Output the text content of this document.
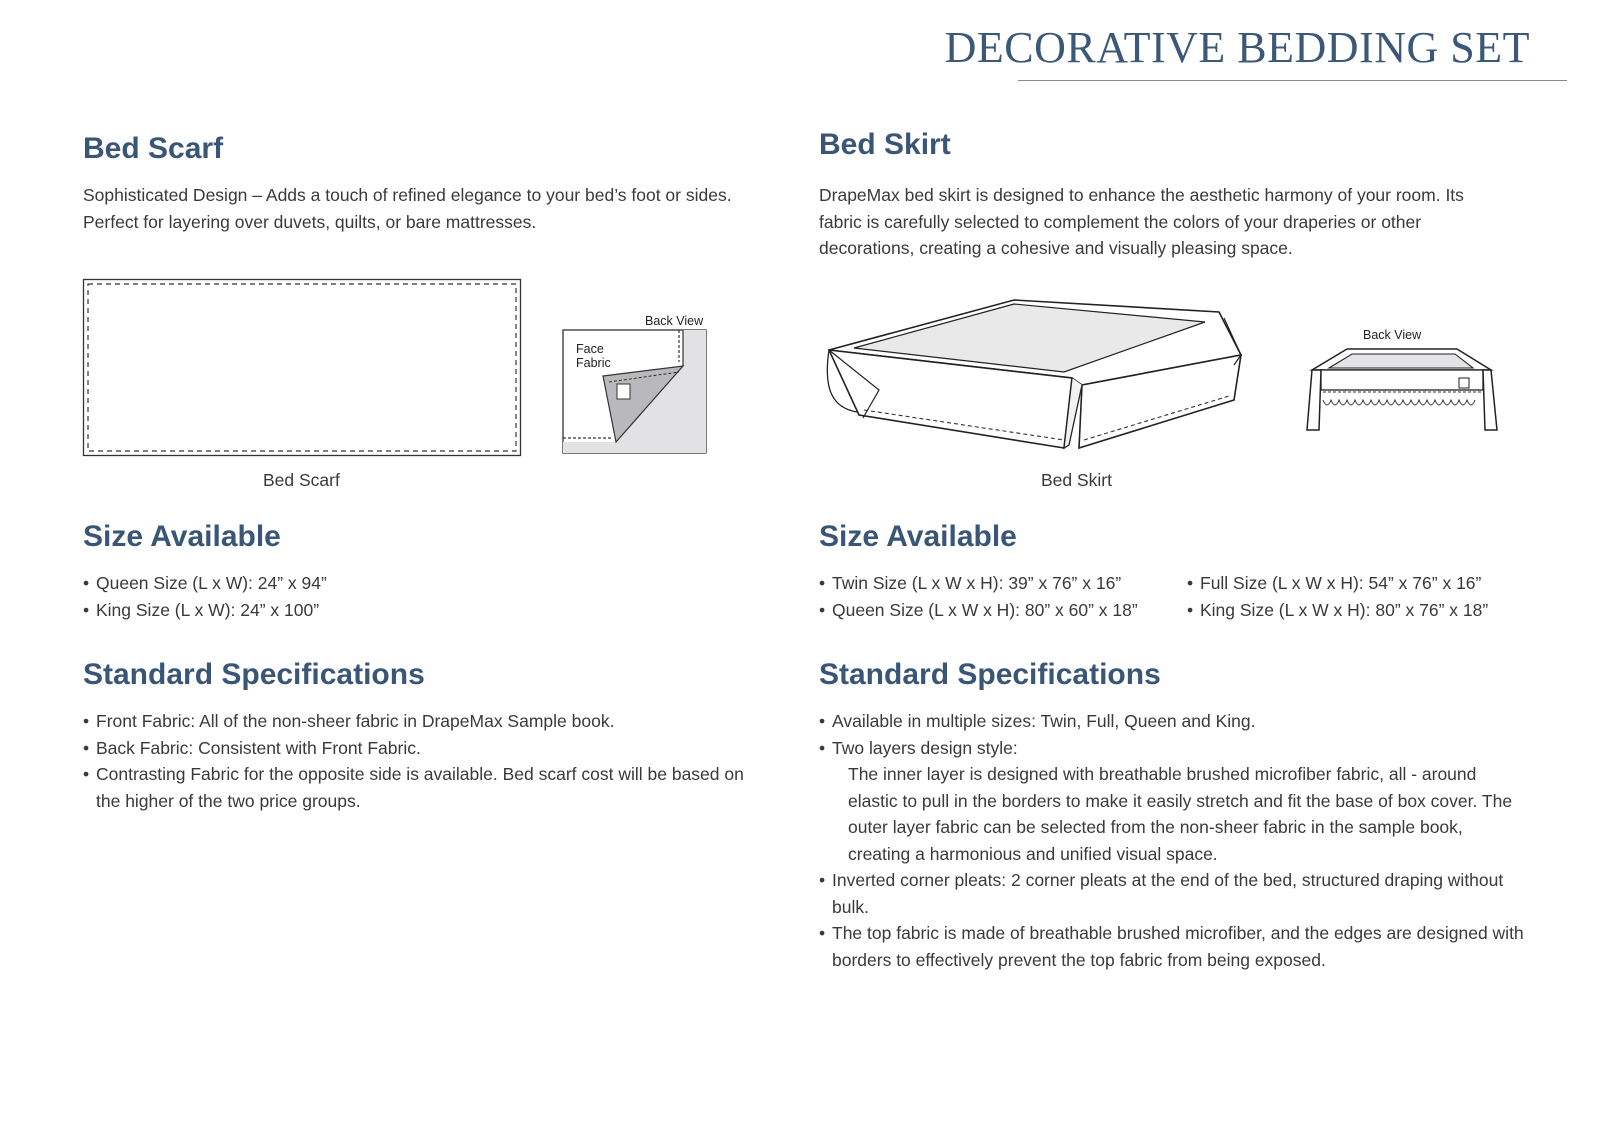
DECORATIVE BEDDING SET
Bed Scarf

Sophisticated Design – Adds a touch of refined elegance to your bed’s foot or sides. Perfect for layering over duvets, quilts, or bare mattresses.

Back View
Face
Fabric
Bed Scarf
Size Available
• Queen Size (L x W): 24” x 94”
• King Size (L x W): 24” x 100”
Standard Specifications
• Front Fabric: All of the non-sheer fabric in DrapeMax Sample book.
• Back Fabric: Consistent with Front Fabric.
• Contrasting Fabric for the opposite side is available. Bed scarf cost will be based on the higher of the two price groups.
Bed Skirt

DrapeMax bed skirt is designed to enhance the aesthetic harmony of your room. Its fabric is carefully selected to complement the colors of your draperies or other decorations, creating a cohesive and visually pleasing space.

Back View
Bed Skirt
Size Available
• Twin Size (L x W x H): 39” x 76” x 16”
• Queen Size (L x W x H): 80” x 60” x 18”
• Full Size (L x W x H): 54” x 76” x 16”
• King Size (L x W x H): 80” x 76” x 18”
Standard Specifications
• Available in multiple sizes: Twin, Full, Queen and King.
• Two layers design style:
The inner layer is designed with breathable brushed microfiber fabric, all - around elastic to pull in the borders to make it easily stretch and fit the base of box cover. The outer layer fabric can be selected from the non-sheer fabric in the sample book, creating a harmonious and unified visual space.
• Inverted corner pleats: 2 corner pleats at the end of the bed, structured draping without bulk.
• The top fabric is made of breathable brushed microfiber, and the edges are designed with borders to effectively prevent the top fabric from being exposed.
